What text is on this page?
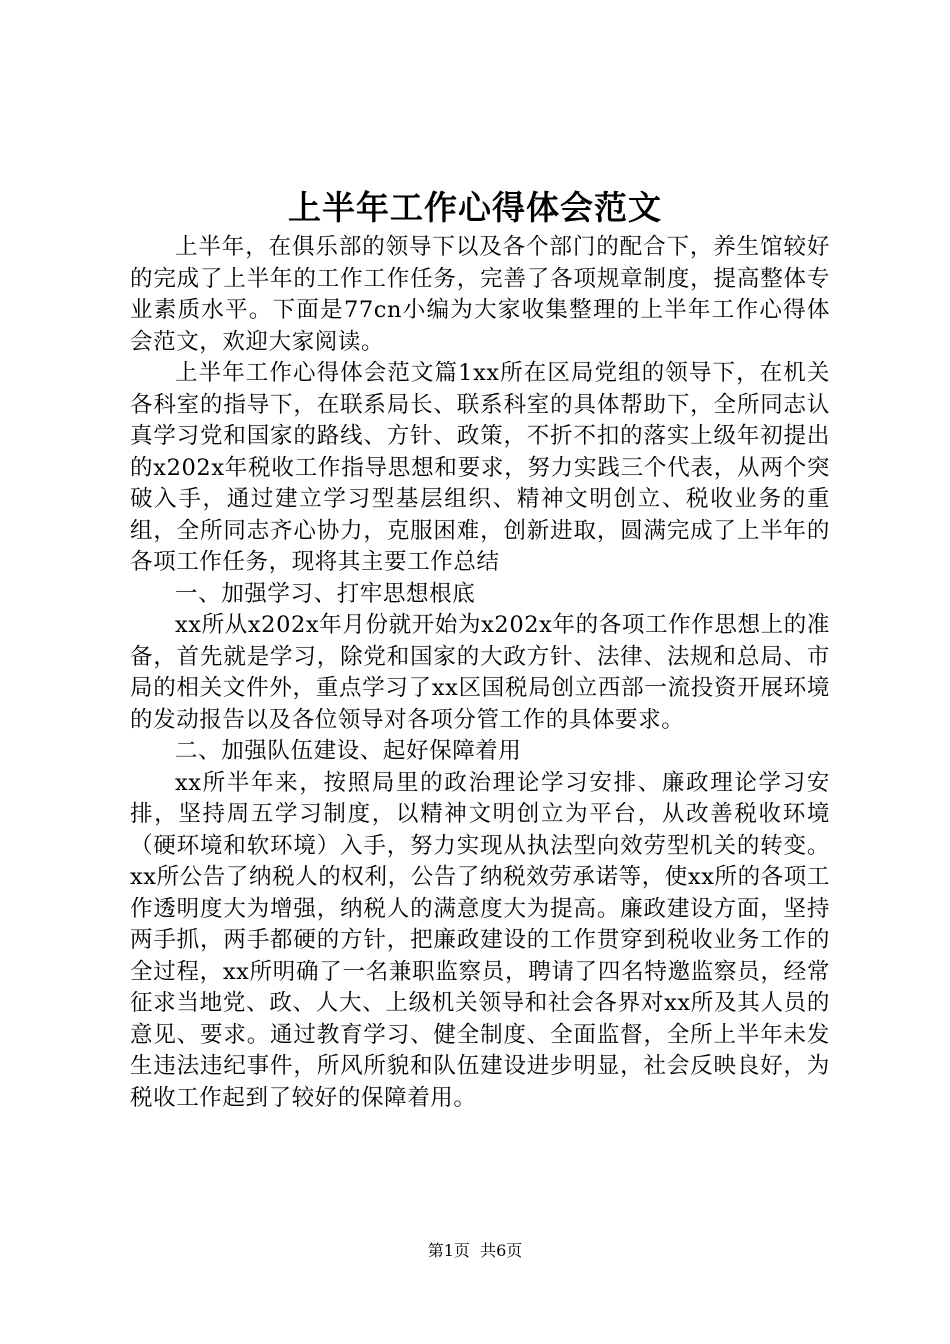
上半年工作心得体会范文

上半年，在俱乐部的领导下以及各个部门的配合下，养生馆较好的完成了上半年的工作工作任务，完善了各项规章制度，提高整体专业素质水平。下面是77cn小编为大家收集整理的上半年工作心得体会范文，欢迎大家阅读。

上半年工作心得体会范文篇1xx所在区局党组的领导下，在机关各科室的指导下，在联系局长、联系科室的具体帮助下，全所同志认真学习党和国家的路线、方针、政策，不折不扣的落实上级年初提出的x202x年税收工作指导思想和要求，努力实践三个代表，从两个突破入手，通过建立学习型基层组织、精神文明创立、税收业务的重组，全所同志齐心协力，克服困难，创新进取，圆满完成了上半年的各项工作任务，现将其主要工作总结

一、加强学习、打牢思想根底

xx所从x202x年月份就开始为x202x年的各项工作作思想上的准备，首先就是学习，除党和国家的大政方针、法律、法规和总局、市局的相关文件外，重点学习了xx区国税局创立西部一流投资开展环境的发动报告以及各位领导对各项分管工作的具体要求。

二、加强队伍建设、起好保障着用

xx所半年来，按照局里的政治理论学习安排、廉政理论学习安排，坚持周五学习制度，以精神文明创立为平台，从改善税收环境（硬环境和软环境）入手，努力实现从执法型向效劳型机关的转变。xx所公告了纳税人的权利，公告了纳税效劳承诺等，使xx所的各项工作透明度大为增强，纳税人的满意度大为提高。廉政建设方面，坚持两手抓，两手都硬的方针，把廉政建设的工作贯穿到税收业务工作的全过程，xx所明确了一名兼职监察员，聘请了四名特邀监察员，经常征求当地党、政、人大、上级机关领导和社会各界对xx所及其人员的意见、要求。通过教育学习、健全制度、全面监督，全所上半年未发生违法违纪事件，所风所貌和队伍建设进步明显，社会反映良好，为税收工作起到了较好的保障着用。

第1页 共6页
